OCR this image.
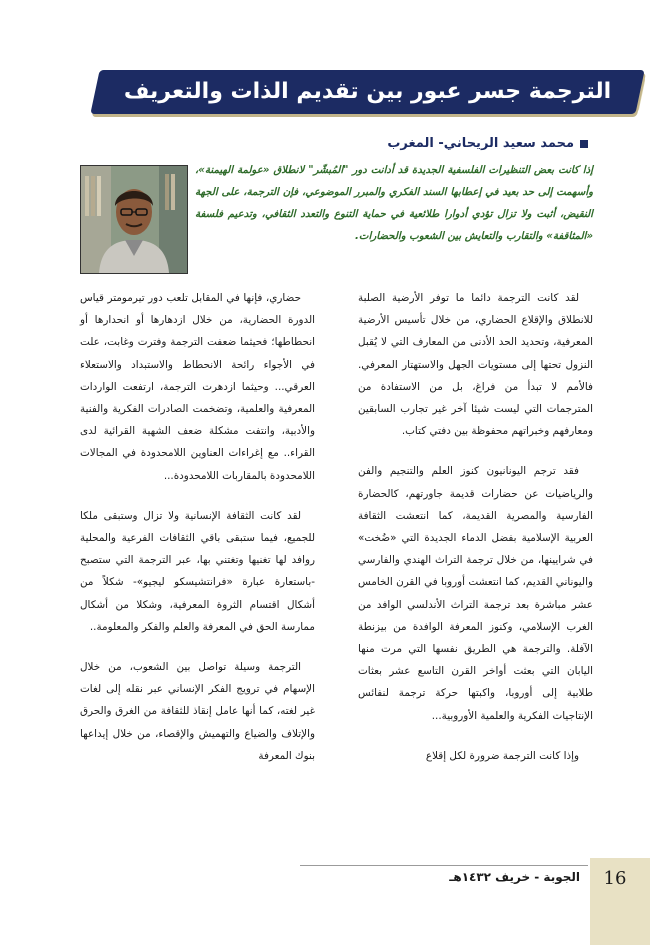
الترجمة جسر عبور بين تقديم الذات والتعريف بالآخر
محمد سعيد الريحاني- المغرب
إذا كانت بعض التنظيرات الفلسفية الجديدة قد أدانت دور "المُبشّر" لانطلاق «عولمة الهيمنة»، وأسهمت إلى حد بعيد في إعطابها السند الفكري والمبرر الموضوعي، فإن الترجمة، على الجهة النقيض، أثبت ولا تزال تؤدي أدوارا طلائعية في حماية التنوع والتعدد الثقافي، وتدعيم فلسفة «المثاقفة» والتقارب والتعايش بين الشعوب والحضارات.

لقد كانت الترجمة دائما ما توفر الأرضية الصلبة للانطلاق والإقلاع الحضاري، من خلال تأسيس الأرضية المعرفية، وتحديد الحد الأدنى من المعارف التي لا يُقبل النزول تحتها إلى مستويات الجهل والاستهتار المعرفي. فالأمم لا تبدأ من فراغ، بل من الاستفادة من المترجمات التي ليست شيئا آخر غير تجارب السابقين ومعارفهم وخبراتهم محفوظة بين دفتي كتاب.

فقد ترجم اليونانيون كنوز العلم والتنجيم والفن والرياضيات عن حضارات قديمة جاورتهم، كالحضارة الفارسية والمصرية القديمة، كما انتعشت الثقافة العربية الإسلامية بفضل الدماء الجديدة التي «ضُخت» في شرايينها، من خلال ترجمة التراث الهندي والفارسي واليوناني القديم، كما انتعشت أوروبا في القرن الخامس عشر مباشرة بعد ترجمة التراث الأندلسي الوافد من الغرب الإسلامي، وكنوز المعرفة الوافدة من بيزنطة الآفلة. والترجمة هي الطريق نفسها التي مرت منها اليابان التي بعثت أواخر القرن التاسع عشر بعثات طلابية إلى أوروبا، واكبتها حركة ترجمة لنفائس الإنتاجيات الفكرية والعلمية الأوروبية...

وإذا كانت الترجمة ضرورة لكل إقلاع

حضاري، فإنها في المقابل تلعب دور تيرمومتر قياس الدورة الحضارية، من خلال ازدهارها أو انحدارها أو انحطاطها؛ فحيثما ضعفت الترجمة وفترت وغابت، علت في الأجواء رائحة الانحطاط والاستبداد والاستعلاء العرقي... وحيثما ازدهرت الترجمة، ارتفعت الواردات المعرفية والعلمية، وتضخمت الصادرات الفكرية والفنية والأدبية، وانتفت مشكلة ضعف الشهية القرائية لدى القراء.. مع إغراءات العناوين اللامحدودة في المجالات اللامحدودة بالمقاربات اللامحدودة...

لقد كانت الثقافة الإنسانية ولا تزال وستبقى ملكا للجميع، فيما ستبقى باقي الثقافات الفرعية والمحلية روافد لها تغنيها وتغتني بها، عبر الترجمة التي ستصبح -باستعارة عبارة «فرانتشيسكو ليجيو»- شكلاً من أشكال اقتسام الثروة المعرفية، وشكلا من أشكال ممارسة الحق في المعرفة والعلم والفكر والمعلومة..

الترجمة وسيلة تواصل بين الشعوب، من خلال الإسهام في ترويج الفكر الإنساني عبر نقله إلى لغات غير لغته، كما أنها عامل إنقاذ للثقافة من الغرق والحرق والإتلاف والضياع والتهميش والإقصاء، من خلال إيداعها بنوك المعرفة

16
الجوبة - خريف ١٤٣٢هـ
